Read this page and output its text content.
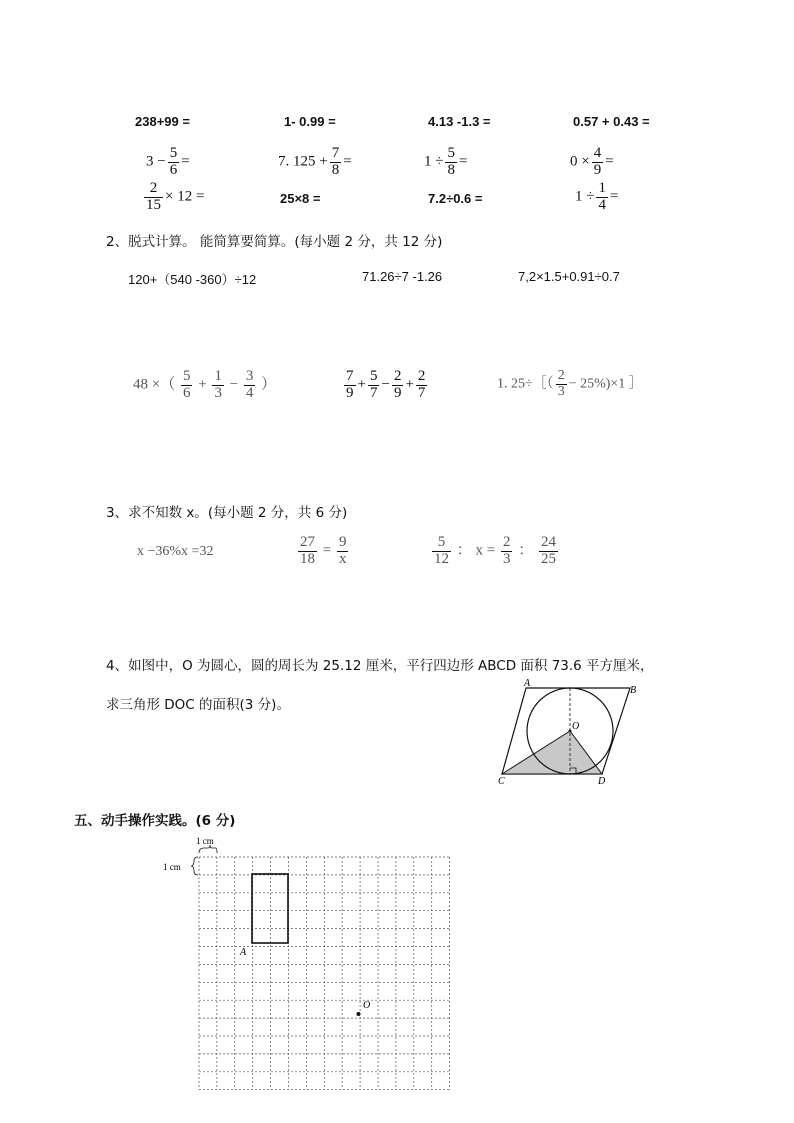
238+99 =	1- 0.99 =	4.13 -1.3 =	0.57 + 0.43 =
$3 - \frac{5}{6}$ =	7. $125 + \frac{7}{8}$ =	$1 \div \frac{5}{8}$ =	$0 \times \frac{4}{9}$ =
$\frac{2}{15} \times 12$ =	25×8 =	7.2÷0.6 =	$1 \div \frac{1}{4}$ =
2、脱式计算。 能简算要简算。(每小题 2 分，共 12 分)
120+（540 -360）÷12	71.26÷7 -1.26	7,2×1.5+0.91÷0.7
48 ×（ $\frac{5}{6} + \frac{1}{3} - \frac{3}{4}$ ）	$\frac{7}{9} + \frac{5}{7} - \frac{2}{9} + \frac{2}{7}$	1. 25÷［（ $\frac{2}{3} - 25\%)\times 1$ ］
3、求不知数 x。(每小题 2 分，共 6 分)
x −36%x =32	$\frac{27}{18} = \frac{9}{x}$	$\frac{5}{12}$ ： $x = \frac{2}{3}$ ： $\frac{24}{25}$
4、如图中，O 为圆心，圆的周长为 25.12 厘米，平行四边形 ABCD 面积 73.6 平方厘米，
求三角形 DOC 的面积(3 分)。
A
B
C	D
O
五、动手操作实践。(6 分)
A
O
1 cm
1 cm
